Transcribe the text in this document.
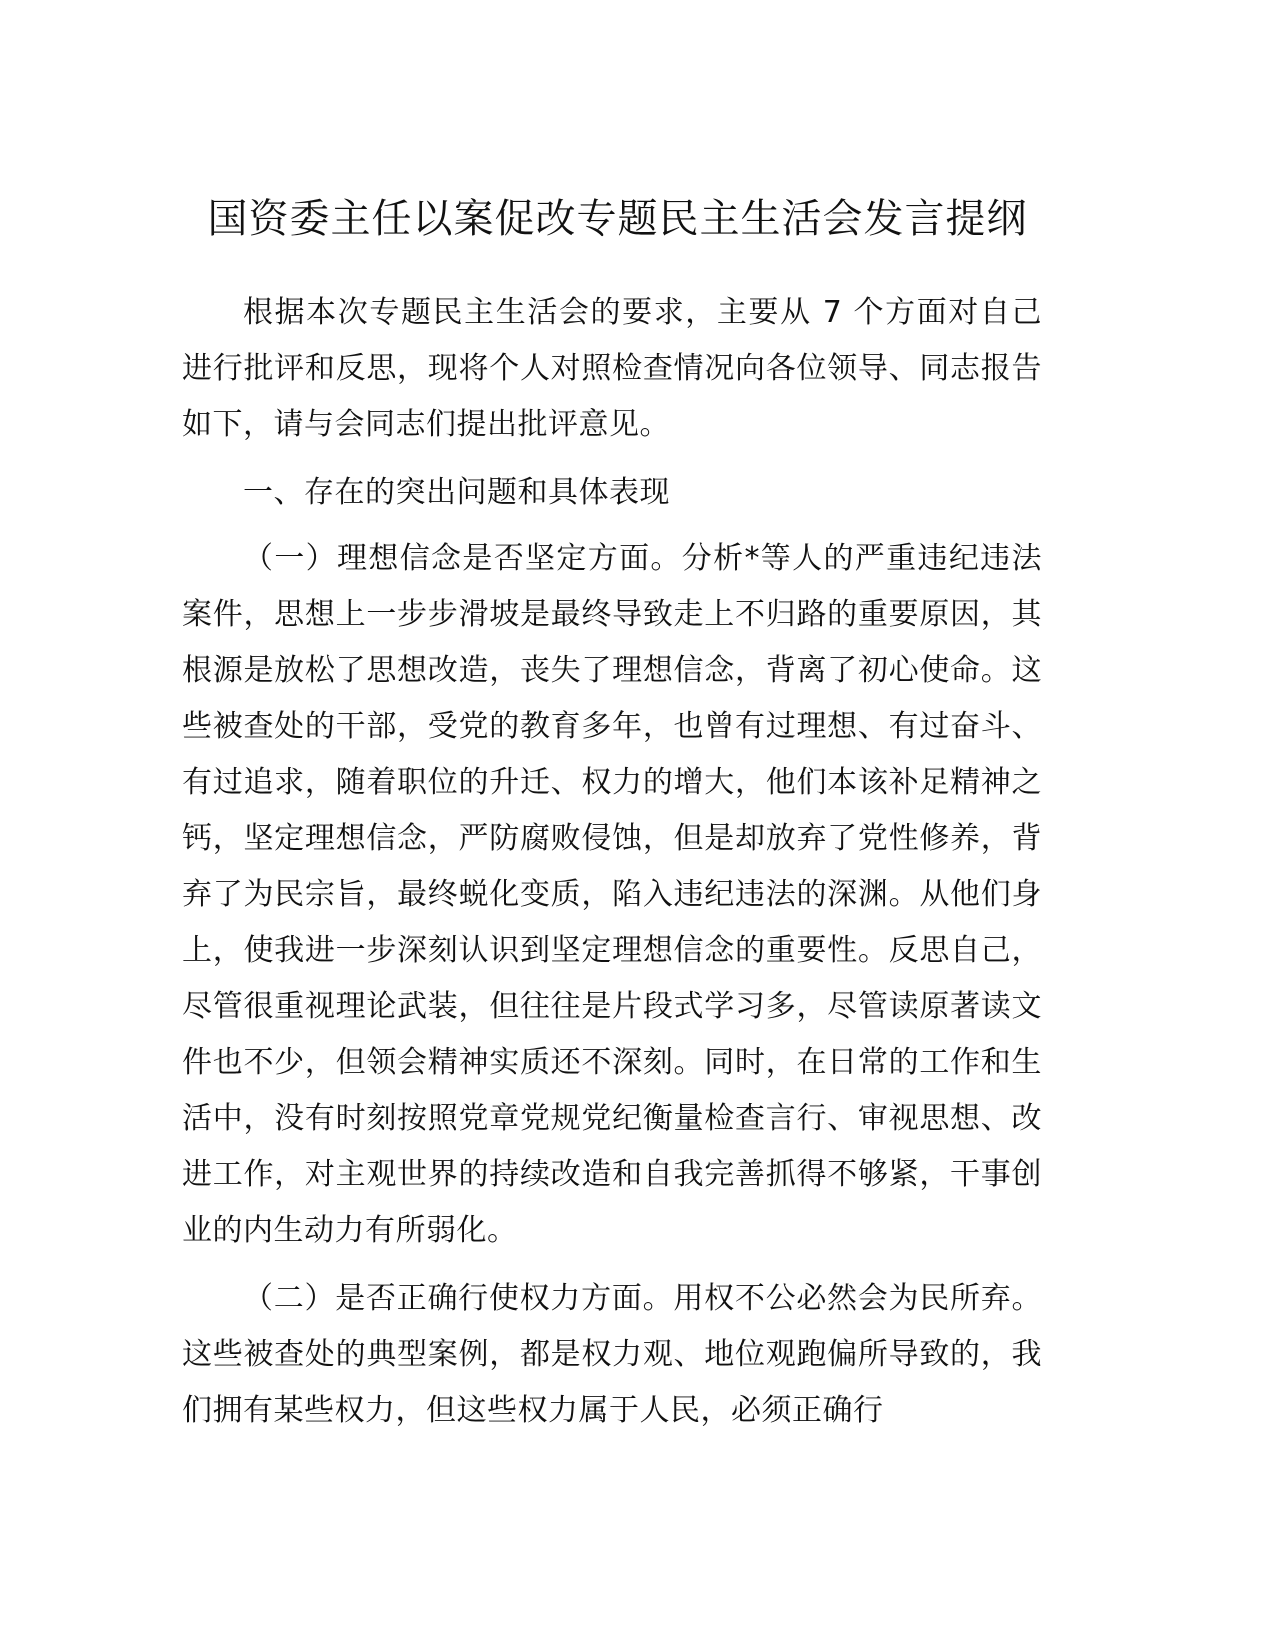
国资委主任以案促改专题民主生活会发言提纲

根据本次专题民主生活会的要求，主要从 7 个方面对自己进行批评和反思，现将个人对照检查情况向各位领导、同志报告如下，请与会同志们提出批评意见。

一、存在的突出问题和具体表现

（一）理想信念是否坚定方面。分析*等人的严重违纪违法案件，思想上一步步滑坡是最终导致走上不归路的重要原因，其根源是放松了思想改造，丧失了理想信念，背离了初心使命。这些被查处的干部，受党的教育多年，也曾有过理想、有过奋斗、有过追求，随着职位的升迁、权力的增大，他们本该补足精神之钙，坚定理想信念，严防腐败侵蚀，但是却放弃了党性修养，背弃了为民宗旨，最终蜕化变质，陷入违纪违法的深渊。从他们身上，使我进一步深刻认识到坚定理想信念的重要性。反思自己，尽管很重视理论武装，但往往是片段式学习多，尽管读原著读文件也不少，但领会精神实质还不深刻。同时，在日常的工作和生活中，没有时刻按照党章党规党纪衡量检查言行、审视思想、改进工作，对主观世界的持续改造和自我完善抓得不够紧，干事创业的内生动力有所弱化。

（二）是否正确行使权力方面。用权不公必然会为民所弃。这些被查处的典型案例，都是权力观、地位观跑偏所导致的，我们拥有某些权力，但这些权力属于人民，必须正确行
